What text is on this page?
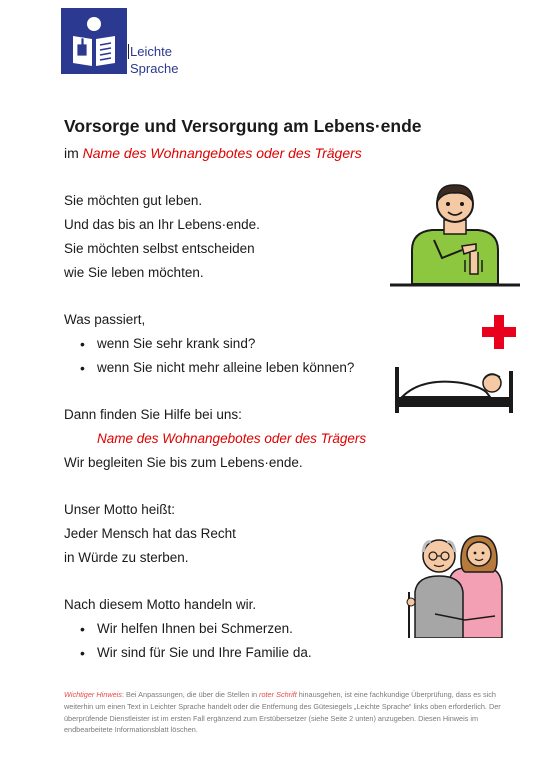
Leichte
Sprache
Vorsorge und Versorgung am Lebens·ende
im Name des Wohnangebotes oder des Trägers
Sie möchten gut leben.
Und das bis an Ihr Lebens·ende.
Sie möchten selbst entscheiden
wie Sie leben möchten.
Was passiert,
• wenn Sie sehr krank sind?
• wenn Sie nicht mehr alleine leben können?
Dann finden Sie Hilfe bei uns:
Name des Wohnangebotes oder des Trägers
Wir begleiten Sie bis zum Lebens·ende.
Unser Motto heißt:
Jeder Mensch hat das Recht
in Würde zu sterben.
Nach diesem Motto handeln wir.
• Wir helfen Ihnen bei Schmerzen.
• Wir sind für Sie und Ihre Familie da.
Wichtiger Hinweis: Bei Anpassungen, die über die Stellen in roter Schrift hinausgehen, ist eine fachkundige Überprüfung, dass es sich weiterhin um einen Text in Leichter Sprache handelt oder die Entfernung des Gütesiegels „Leichte Sprache“ links oben erforderlich. Der überprüfende Dienstleister ist im ersten Fall ergänzend zum Erstübersetzer (siehe Seite 2 unten) anzugeben. Diesen Hinweis im endbearbeitete Informationsblatt löschen.
